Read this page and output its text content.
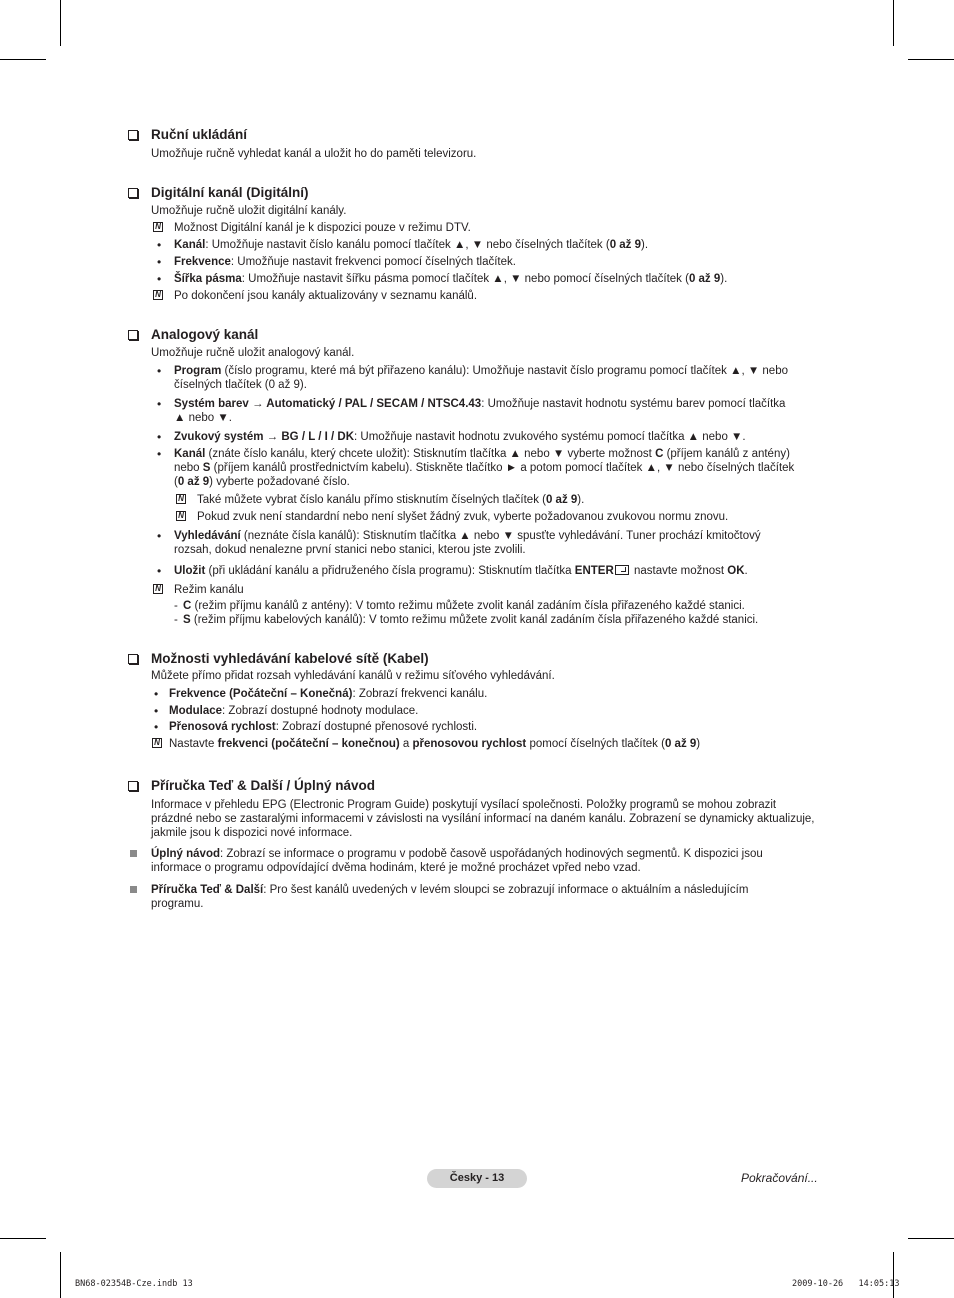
Ruční ukládání
Umožňuje ručně vyhledat kanál a uložit ho do paměti televizoru.
Digitální kanál (Digitální)
Umožňuje ručně uložit digitální kanály.
N Možnost Digitální kanál je k dispozici pouze v režimu DTV.
• Kanál: Umožňuje nastavit číslo kanálu pomocí tlačítek ▲, ▼ nebo číselných tlačítek (0 až 9).
• Frekvence: Umožňuje nastavit frekvenci pomocí číselných tlačítek.
• Šířka pásma: Umožňuje nastavit šířku pásma pomocí tlačítek ▲, ▼ nebo pomocí číselných tlačítek (0 až 9).
N Po dokončení jsou kanály aktualizovány v seznamu kanálů.
Analogový kanál
Umožňuje ručně uložit analogový kanál.
• Program (číslo programu, které má být přiřazeno kanálu): Umožňuje nastavit číslo programu pomocí tlačítek ▲, ▼ nebo
číselných tlačítek (0 až 9).
• Systém barev → Automatický / PAL / SECAM / NTSC4.43: Umožňuje nastavit hodnotu systému barev pomocí tlačítka
▲ nebo ▼.
• Zvukový systém → BG / L / I / DK: Umožňuje nastavit hodnotu zvukového systému pomocí tlačítka ▲ nebo ▼.
• Kanál (znáte číslo kanálu, který chcete uložit): Stisknutím tlačítka ▲ nebo ▼ vyberte možnost C (příjem kanálů z antény)
nebo S (příjem kanálů prostřednictvím kabelu). Stiskněte tlačítko ► a potom pomocí tlačítek ▲, ▼ nebo číselných tlačítek
(0 až 9) vyberte požadované číslo.
N Také můžete vybrat číslo kanálu přímo stisknutím číselných tlačítek (0 až 9).
N Pokud zvuk není standardní nebo není slyšet žádný zvuk, vyberte požadovanou zvukovou normu znovu.
• Vyhledávání (neznáte čísla kanálů): Stisknutím tlačítka ▲ nebo ▼ spusťte vyhledávání. Tuner prochází kmitočtový
rozsah, dokud nenalezne první stanici nebo stanici, kterou jste zvolili.
• Uložit (při ukládání kanálu a přidruženého čísla programu): Stisknutím tlačítka ENTER nastavte možnost OK.
N Režim kanálu
- C (režim příjmu kanálů z antény): V tomto režimu můžete zvolit kanál zadáním čísla přiřazeného každé stanici.
- S (režim příjmu kabelových kanálů): V tomto režimu můžete zvolit kanál zadáním čísla přiřazeného každé stanici.
Možnosti vyhledávání kabelové sítě (Kabel)
Můžete přímo přidat rozsah vyhledávání kanálů v režimu síťového vyhledávání.
• Frekvence (Počáteční – Konečná): Zobrazí frekvenci kanálu.
• Modulace: Zobrazí dostupné hodnoty modulace.
• Přenosová rychlost: Zobrazí dostupné přenosové rychlosti.
N Nastavte frekvenci (počáteční – konečnou) a přenosovou rychlost pomocí číselných tlačítek (0 až 9)
Příručka Teď & Další / Úplný návod
Informace v přehledu EPG (Electronic Program Guide) poskytují vysílací společnosti. Položky programů se mohou zobrazit prázdné nebo se zastaralými informacemi v závislosti na vysílání informací na daném kanálu. Zobrazení se dynamicky aktualizuje, jakmile jsou k dispozici nové informace.
Úplný návod: Zobrazí se informace o programu v podobě časově uspořádaných hodinových segmentů. K dispozici jsou
informace o programu odpovídající dvěma hodinám, které je možné procházet vpřed nebo vzad.
Příručka Teď & Další: Pro šest kanálů uvedených v levém sloupci se zobrazují informace o aktuálním a následujícím
programu.
Česky - 13	Pokračování...
BN68-02354B-Cze.indb 13	2009-10-26 ￼ 14:05:13
